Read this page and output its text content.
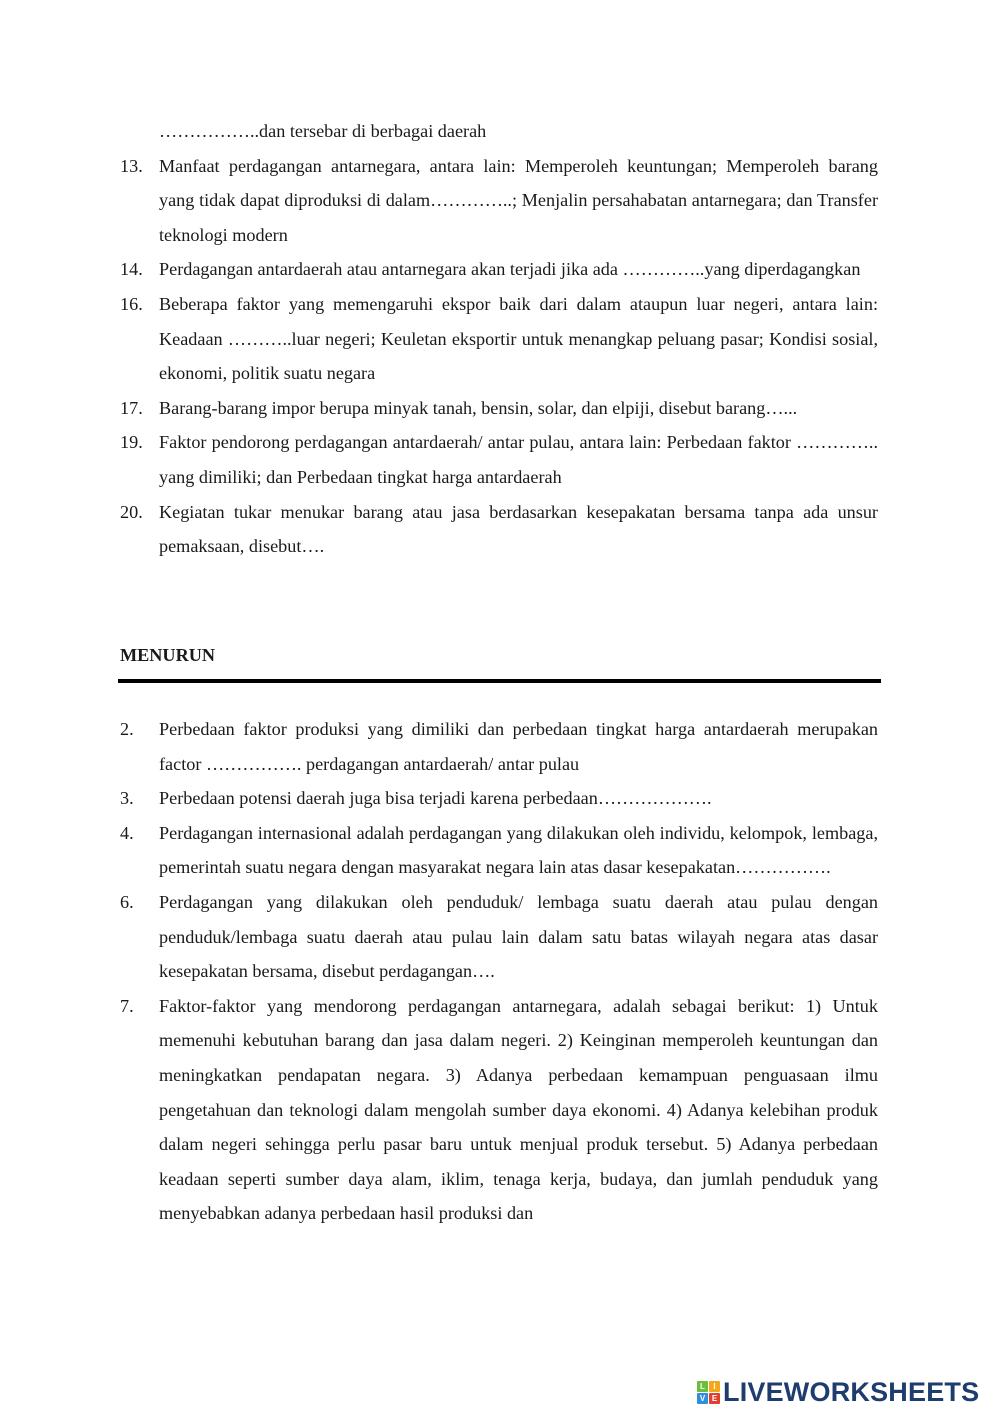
……………..dan tersebar di berbagai daerah
13. Manfaat perdagangan antarnegara, antara lain: Memperoleh keuntungan; Memperoleh barang yang tidak dapat diproduksi di dalam…………..; Menjalin persahabatan antarnegara; dan Transfer teknologi modern
14. Perdagangan antardaerah atau antarnegara akan terjadi jika ada …………..yang diperdagangkan
16. Beberapa faktor yang memengaruhi ekspor baik dari dalam ataupun luar negeri, antara lain: Keadaan ………..luar negeri; Keuletan eksportir untuk menangkap peluang pasar; Kondisi sosial, ekonomi, politik suatu negara
17. Barang-barang impor berupa minyak tanah, bensin, solar, dan elpiji, disebut barang…...
19. Faktor pendorong perdagangan antardaerah/ antar pulau, antara lain: Perbedaan faktor ………….. yang dimiliki; dan Perbedaan tingkat harga antardaerah
20. Kegiatan tukar menukar barang atau jasa berdasarkan kesepakatan bersama tanpa ada unsur pemaksaan, disebut….
MENURUN
2.	Perbedaan faktor produksi yang dimiliki dan perbedaan tingkat harga antardaerah merupakan factor ……………. perdagangan antardaerah/ antar pulau
3.	Perbedaan potensi daerah juga bisa terjadi karena perbedaan……………….
4.	Perdagangan internasional adalah perdagangan yang dilakukan oleh individu, kelompok, lembaga, pemerintah suatu negara dengan masyarakat negara lain atas dasar kesepakatan…………….
6.	Perdagangan yang dilakukan oleh penduduk/ lembaga suatu daerah atau pulau dengan penduduk/lembaga suatu daerah atau pulau lain dalam satu batas wilayah negara atas dasar kesepakatan bersama, disebut perdagangan….
7.	Faktor-faktor yang mendorong perdagangan antarnegara, adalah sebagai berikut: 1) Untuk memenuhi kebutuhan barang dan jasa dalam negeri. 2) Keinginan memperoleh keuntungan dan meningkatkan pendapatan negara. 3) Adanya perbedaan kemampuan penguasaan ilmu pengetahuan dan teknologi dalam mengolah sumber daya ekonomi. 4) Adanya kelebihan produk dalam negeri sehingga perlu pasar baru untuk menjual produk tersebut. 5) Adanya perbedaan keadaan seperti sumber daya alam, iklim, tenaga kerja, budaya, dan jumlah penduduk yang menyebabkan adanya perbedaan hasil produksi dan
L	I
V E LIVEWORKSHEETS
